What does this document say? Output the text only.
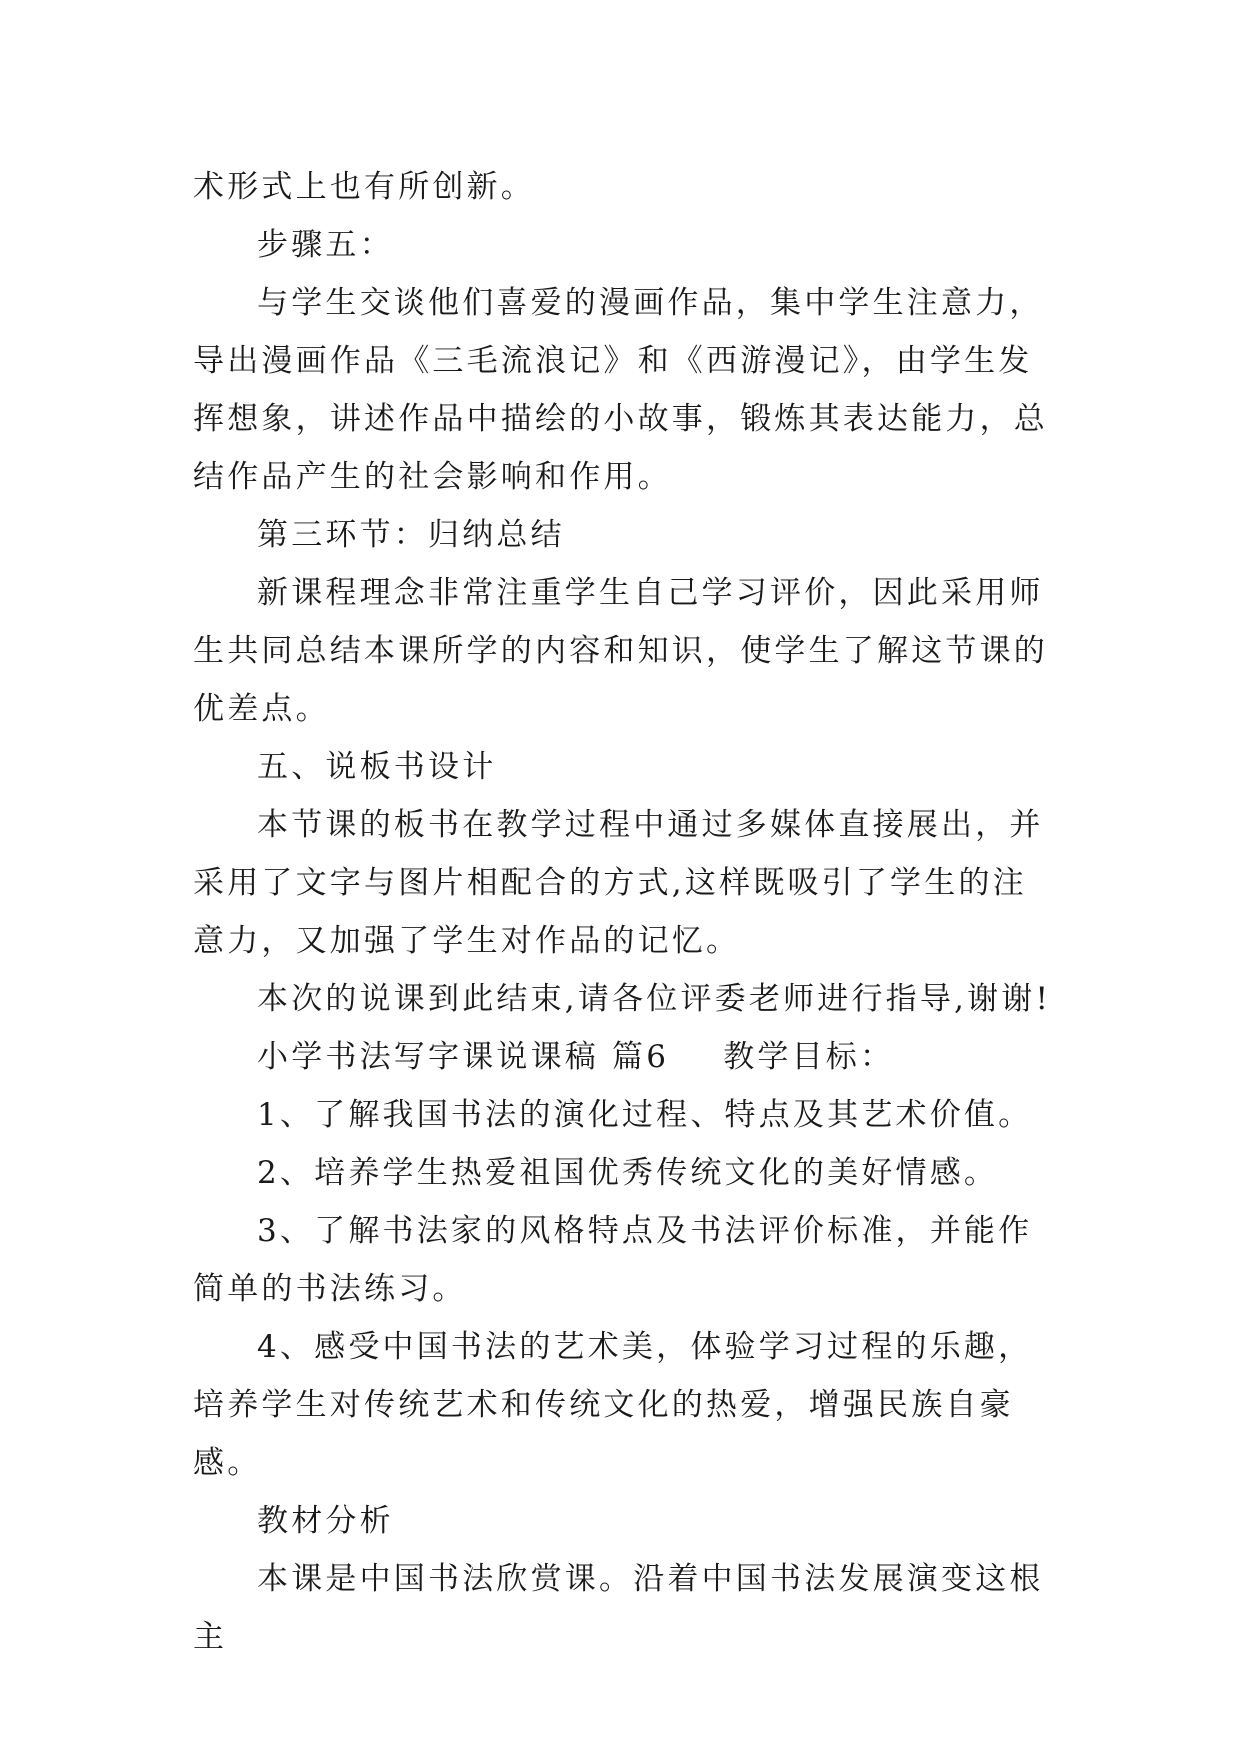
术形式上也有所创新。

步骤五：

与学生交谈他们喜爱的漫画作品，集中学生注意力，导出漫画作品《三毛流浪记》和《西游漫记》，由学生发挥想象，讲述作品中描绘的小故事，锻炼其表达能力，总结作品产生的社会影响和作用。

第三环节：归纳总结

新课程理念非常注重学生自己学习评价，因此采用师生共同总结本课所学的内容和知识，使学生了解这节课的优差点。

五、说板书设计

本节课的板书在教学过程中通过多媒体直接展出，并采用了文字与图片相配合的方式,这样既吸引了学生的注意力，又加强了学生对作品的记忆。

本次的说课到此结束,请各位评委老师进行指导,谢谢!

小学书法写字课说课稿 篇6 教学目标：

1、了解我国书法的演化过程、特点及其艺术价值。

2、培养学生热爱祖国优秀传统文化的美好情感。

3、了解书法家的风格特点及书法评价标准，并能作简单的书法练习。

4、感受中国书法的艺术美，体验学习过程的乐趣，培养学生对传统艺术和传统文化的热爱，增强民族自豪感。

教材分析

本课是中国书法欣赏课。沿着中国书法发展演变这根主
